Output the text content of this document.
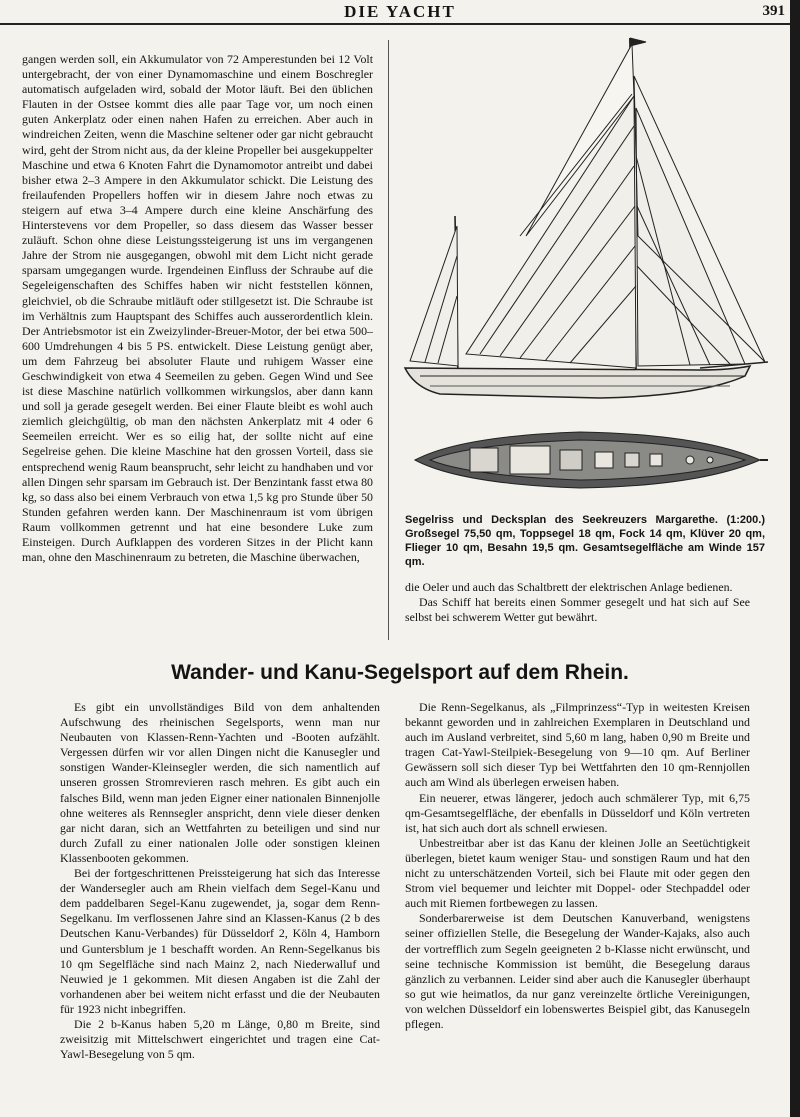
DIE YACHT	391

gangen werden soll, ein Akkumulator von 72 Amperestunden bei 12 Volt untergebracht, der von einer Dynamomaschine und einem Boschregler automatisch aufgeladen wird, sobald der Motor läuft. Bei den üblichen Flauten in der Ostsee kommt dies alle paar Tage vor, um noch einen guten Ankerplatz oder einen nahen Hafen zu erreichen. Aber auch in windreichen Zeiten, wenn die Maschine seltener oder gar nicht gebraucht wird, geht der Strom nicht aus, da der kleine Propeller bei ausgekuppelter Maschine und etwa 6 Knoten Fahrt die Dynamomotor antreibt und dabei bisher etwa 2–3 Ampere in den Akkumulator schickt. Die Leistung des freilaufenden Propellers hoffen wir in diesem Jahre noch etwas zu steigern auf etwa 3–4 Ampere durch eine kleine Anschärfung des Hinterstevens vor dem Propeller, so dass diesem das Wasser besser zuläuft. Schon ohne diese Leistungssteigerung ist uns im vergangenen Jahre der Strom nie ausgegangen, obwohl mit dem Licht nicht gerade sparsam umgegangen wurde. Irgendeinen Einfluss der Schraube auf die Segeleigenschaften des Schiffes haben wir nicht feststellen können, gleichviel, ob die Schraube mitläuft oder stillgesetzt ist. Die Schraube ist im Verhältnis zum Hauptspant des Schiffes auch ausserordentlich klein. Der Antriebsmotor ist ein Zweizylinder-Breuer-Motor, der bei etwa 500–600 Umdrehungen 4 bis 5 PS. entwickelt. Diese Leistung genügt aber, um dem Fahrzeug bei absoluter Flaute und ruhigem Wasser eine Geschwindigkeit von etwa 4 Seemeilen zu geben. Gegen Wind und See ist diese Maschine natürlich vollkommen wirkungslos, aber dann kann und soll ja gerade gesegelt werden. Bei einer Flaute bleibt es wohl auch ziemlich gleichgültig, ob man den nächsten Ankerplatz mit 4 oder 6 Seemeilen erreicht. Wer es so eilig hat, der sollte nicht auf eine Segelreise gehen. Die kleine Maschine hat den grossen Vorteil, dass sie entsprechend wenig Raum beansprucht, sehr leicht zu handhaben und vor allen Dingen sehr sparsam im Gebrauch ist. Der Benzintank fasst etwa 80 kg, so dass also bei einem Verbrauch von etwa 1,5 kg pro Stunde über 50 Stunden gefahren werden kann. Der Maschinenraum ist vom übrigen Raum vollkommen getrennt und hat eine besondere Luke zum Einsteigen. Durch Aufklappen des vorderen Sitzes in der Plicht kann man, ohne den Maschinenraum zu betreten, die Maschine überwachen,

Segelriss und Decksplan des Seekreuzers Margarethe. (1:200.) Großsegel 75,50 qm, Toppsegel 18 qm, Fock 14 qm, Klüver 20 qm, Flieger 10 qm, Besahn 19,5 qm. Gesamtsegelfläche am Winde 157 qm.

die Oeler und auch das Schaltbrett der elektrischen Anlage bedienen.

Das Schiff hat bereits einen Sommer gesegelt und hat sich auf See selbst bei schwerem Wetter gut bewährt.

Wander- und Kanu-Segelsport auf dem Rhein.

Es gibt ein unvollständiges Bild von dem anhaltenden Aufschwung des rheinischen Segelsports, wenn man nur Neubauten von Klassen-Renn-Yachten und -Booten aufzählt. Vergessen dürfen wir vor allen Dingen nicht die Kanusegler und sonstigen Wander-Kleinsegler werden, die sich namentlich auf unseren grossen Stromrevieren rasch mehren. Es gibt auch ein falsches Bild, wenn man jeden Eigner einer nationalen Binnenjolle ohne weiteres als Rennsegler anspricht, denn viele dieser denken gar nicht daran, sich an Wettfahrten zu beteiligen und sind nur durch Zufall zu einer nationalen Jolle oder sonstigen kleinen Klassenbooten gekommen.

Bei der fortgeschrittenen Preissteigerung hat sich das Interesse der Wandersegler auch am Rhein vielfach dem Segel-Kanu und dem paddelbaren Segel-Kanu zugewendet, ja, sogar dem Renn-Segelkanu. Im verflossenen Jahre sind an Klassen-Kanus (2 b des Deutschen Kanu-Verbandes) für Düsseldorf 2, Köln 4, Hamborn und Guntersblum je 1 beschafft worden. An Renn-Segelkanus bis 10 qm Segelfläche sind nach Mainz 2, nach Niederwalluf und Neuwied je 1 gekommen. Mit diesen Angaben ist die Zahl der vorhandenen aber bei weitem nicht erfasst und die der Neubauten für 1923 nicht inbegriffen.

Die 2 b-Kanus haben 5,20 m Länge, 0,80 m Breite, sind zweisitzig mit Mittelschwert eingerichtet und tragen eine Cat-Yawl-Besegelung von 5 qm.

Die Renn-Segelkanus, als „Filmprinzess“-Typ in weitesten Kreisen bekannt geworden und in zahlreichen Exemplaren in Deutschland und auch im Ausland verbreitet, sind 5,60 m lang, haben 0,90 m Breite und tragen Cat-Yawl-Steilpiek-Besegelung von 9—10 qm. Auf Berliner Gewässern soll sich dieser Typ bei Wettfahrten den 10 qm-Rennjollen auch am Wind als überlegen erweisen haben.

Ein neuerer, etwas längerer, jedoch auch schmälerer Typ, mit 6,75 qm-Gesamtsegelfläche, der ebenfalls in Düsseldorf und Köln vertreten ist, hat sich auch dort als schnell erwiesen.

Unbestreitbar aber ist das Kanu der kleinen Jolle an Seetüchtigkeit überlegen, bietet kaum weniger Stau- und sonstigen Raum und hat den nicht zu unterschätzenden Vorteil, sich bei Flaute mit oder gegen den Strom viel bequemer und leichter mit Doppel- oder Stechpaddel oder auch mit Riemen fortbewegen zu lassen.

Sonderbarerweise ist dem Deutschen Kanuverband, wenigstens seiner offiziellen Stelle, die Besegelung der Wander-Kajaks, also auch der vortrefflich zum Segeln geeigneten 2 b-Klasse nicht erwünscht, und seine technische Kommission ist bemüht, die Besegelung daraus gänzlich zu verbannen. Leider sind aber auch die Kanusegler überhaupt so gut wie heimatlos, da nur ganz vereinzelte örtliche Vereinigungen, von welchen Düsseldorf ein lobenswertes Beispiel gibt, das Kanusegeln pflegen.
